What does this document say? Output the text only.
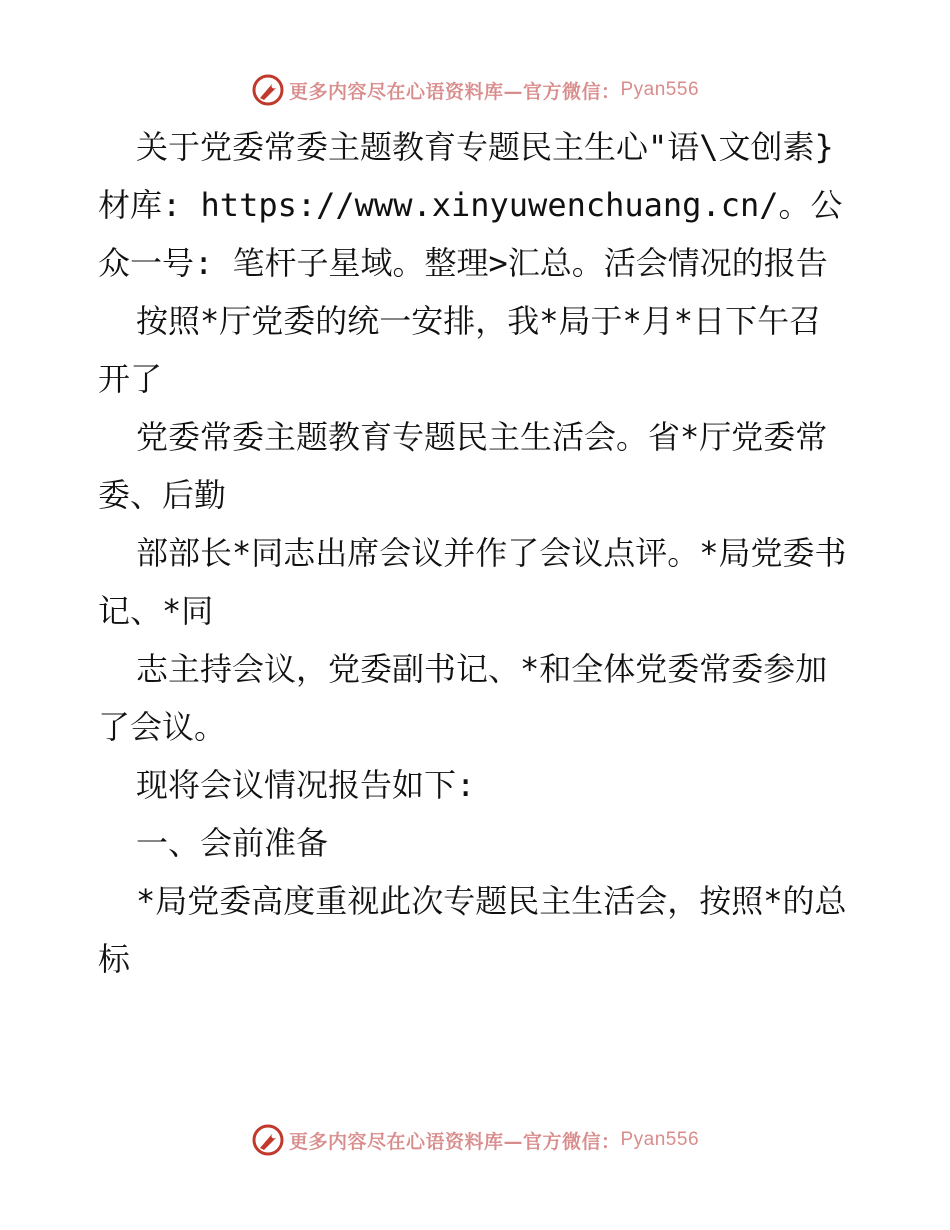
更多内容尽在心语资料库—官方微信： Pyan556

关于党委常委主题教育专题民主生心"语\文创素}材库: https://www.xinyuwenchuang.cn/。公众一号: 笔杆子星域。整理>汇总。活会情况的报告

按照*厅党委的统一安排，我*局于*月*日下午召开了

党委常委主题教育专题民主生活会。省*厅党委常委、后勤

部部长*同志出席会议并作了会议点评。*局党委书记、*同

志主持会议，党委副书记、*和全体党委常委参加了会议。

现将会议情况报告如下:

一、会前准备

*局党委高度重视此次专题民主生活会，按照*的总标

更多内容尽在心语资料库—官方微信： Pyan556
